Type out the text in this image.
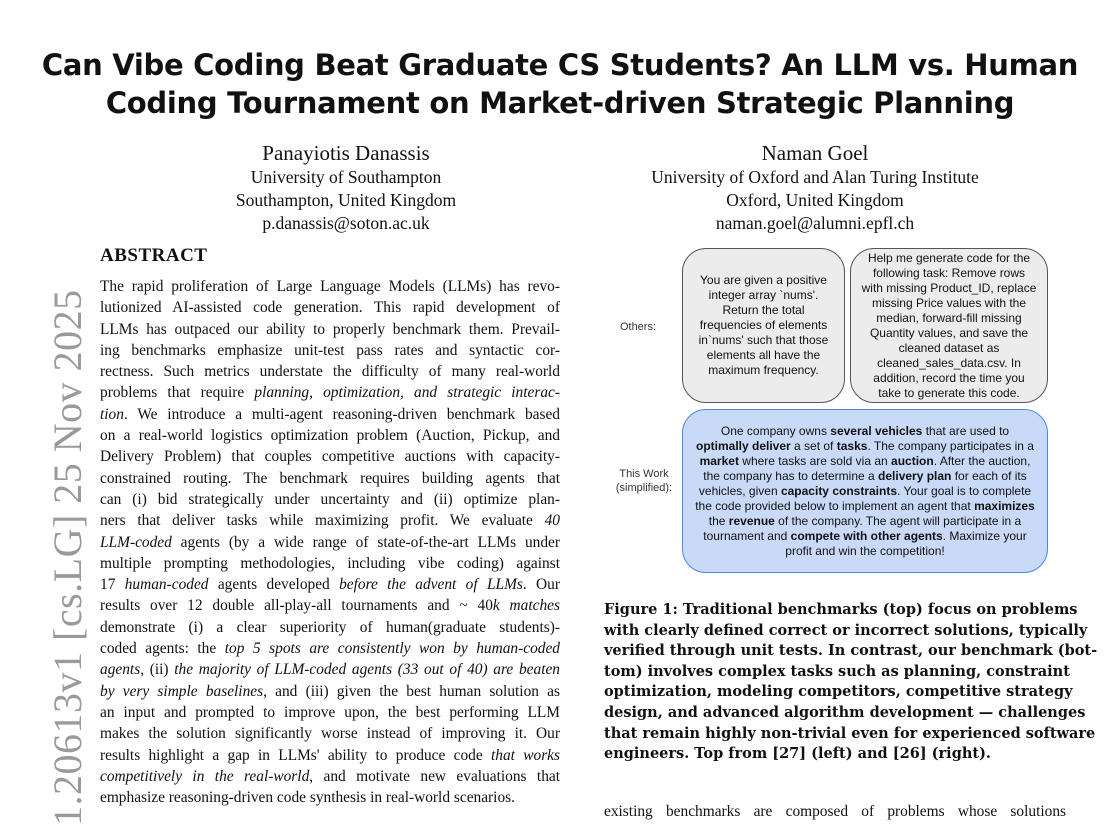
1.20613v1 [cs.LG] 25 Nov 2025
Can Vibe Coding Beat Graduate CS Students? An LLM vs. Human
Coding Tournament on Market-driven Strategic Planning
Panayiotis Danassis
University of Southampton
Southampton, United Kingdom
p.danassis@soton.ac.uk
Naman Goel
University of Oxford and Alan Turing Institute
Oxford, United Kingdom
naman.goel@alumni.epfl.ch
ABSTRACT
The rapid proliferation of Large Language Models (LLMs) has revo-
lutionized AI-assisted code generation. This rapid development of
LLMs has outpaced our ability to properly benchmark them. Prevail-
ing benchmarks emphasize unit-test pass rates and syntactic cor-
rectness. Such metrics understate the difficulty of many real-world
problems that require planning, optimization, and strategic interac-
tion. We introduce a multi-agent reasoning-driven benchmark based
on a real-world logistics optimization problem (Auction, Pickup, and
Delivery Problem) that couples competitive auctions with capacity-
constrained routing. The benchmark requires building agents that
can (i) bid strategically under uncertainty and (ii) optimize plan-
ners that deliver tasks while maximizing profit. We evaluate 40
LLM-coded agents (by a wide range of state-of-the-art LLMs under
multiple prompting methodologies, including vibe coding) against
17 human-coded agents developed before the advent of LLMs. Our
results over 12 double all-play-all tournaments and ~ 40k matches
demonstrate (i) a clear superiority of human(graduate students)-
coded agents: the top 5 spots are consistently won by human-coded
agents, (ii) the majority of LLM-coded agents (33 out of 40) are beaten
by very simple baselines, and (iii) given the best human solution as
an input and prompted to improve upon, the best performing LLM
makes the solution significantly worse instead of improving it. Our
results highlight a gap in LLMs' ability to produce code that works
competitively in the real-world, and motivate new evaluations that
emphasize reasoning-driven code synthesis in real-world scenarios.
Others:
This Work
(simplified):
You are given a positive integer array `nums'. Return the total frequencies of elements in`nums' such that those elements all have the maximum frequency.
Help me generate code for the following task: Remove rows with missing Product_ID, replace missing Price values with the median, forward-fill missing Quantity values, and save the cleaned dataset as cleaned_sales_data.csv. In addition, record the time you take to generate this code.
One company owns several vehicles that are used to optimally deliver a set of tasks. The company participates in a market where tasks are sold via an auction. After the auction, the company has to determine a delivery plan for each of its vehicles, given capacity constraints. Your goal is to complete the code provided below to implement an agent that maximizes the revenue of the company. The agent will participate in a tournament and compete with other agents. Maximize your profit and win the competition!
Figure 1: Traditional benchmarks (top) focus on problems
with clearly defined correct or incorrect solutions, typically
verified through unit tests. In contrast, our benchmark (bot-
tom) involves complex tasks such as planning, constraint
optimization, modeling competitors, competitive strategy
design, and advanced algorithm development — challenges
that remain highly non-trivial even for experienced software
engineers. Top from [27] (left) and [26] (right).
existing benchmarks are composed of problems whose solutions
